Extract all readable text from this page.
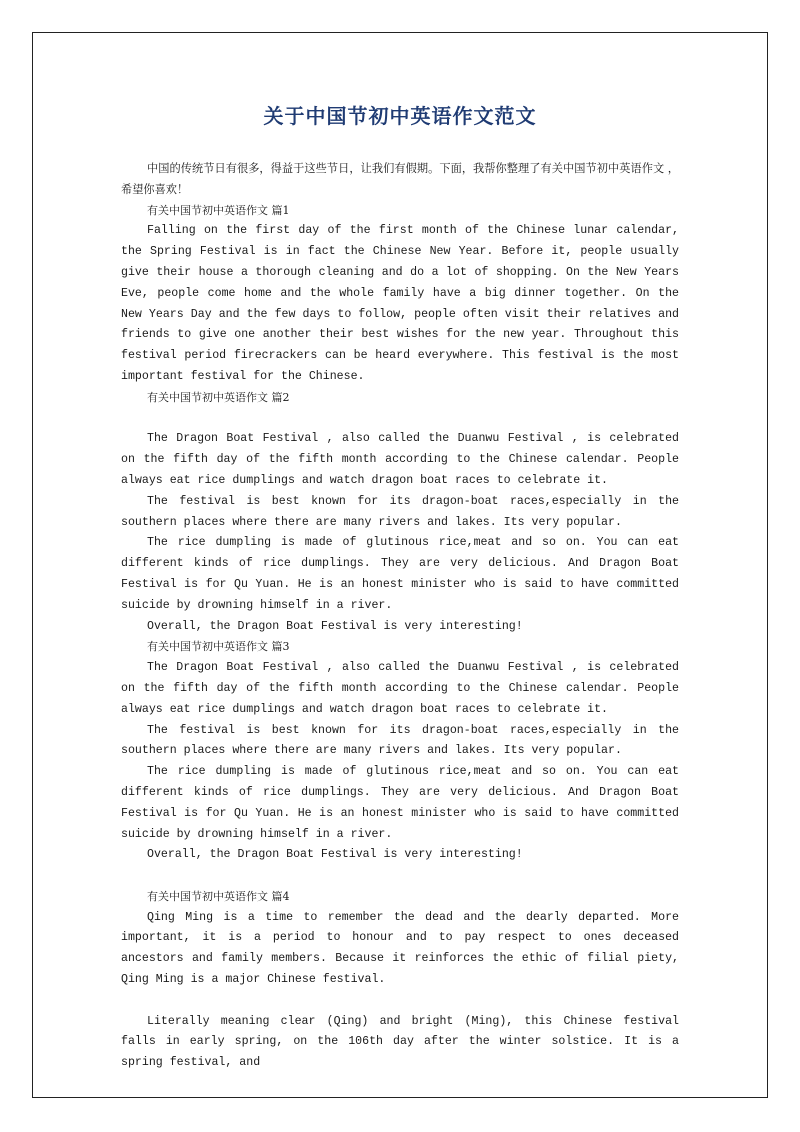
关于中国节初中英语作文范文

中国的传统节日有很多，得益于这些节日，让我们有假期。下面，我帮你整理了有关中国节初中英语作文 ，希望你喜欢！

有关中国节初中英语作文 篇1

Falling on the first day of the first month of the Chinese lunar calendar, the Spring Festival is in fact the Chinese New Year. Before it, people usually give their house a thorough cleaning and do a lot of shopping. On the New Years Eve, people come home and the whole family have a big dinner together. On the New Years Day and the few days to follow, people often visit their relatives and friends to give one another their best wishes for the new year. Throughout this festival period firecrackers can be heard everywhere. This festival is the most important festival for the Chinese.

有关中国节初中英语作文 篇2

The Dragon Boat Festival , also called the Duanwu Festival , is celebrated on the fifth day of the fifth month according to the Chinese calendar. People always eat rice dumplings and watch dragon boat races to celebrate it.

The festival is best known for its dragon-boat races,especially in the southern places where there are many rivers and lakes. Its very popular.

The rice dumpling is made of glutinous rice,meat and so on. You can eat different kinds of rice dumplings. They are very delicious. And Dragon Boat Festival is for Qu Yuan. He is an honest minister who is said to have committed suicide by drowning himself in a river.

Overall, the Dragon Boat Festival is very interesting!

有关中国节初中英语作文 篇3

The Dragon Boat Festival , also called the Duanwu Festival , is celebrated on the fifth day of the fifth month according to the Chinese calendar. People always eat rice dumplings and watch dragon boat races to celebrate it.

The festival is best known for its dragon-boat races,especially in the southern places where there are many rivers and lakes. Its very popular.

The rice dumpling is made of glutinous rice,meat and so on. You can eat different kinds of rice dumplings. They are very delicious. And Dragon Boat Festival is for Qu Yuan. He is an honest minister who is said to have committed suicide by drowning himself in a river.

Overall, the Dragon Boat Festival is very interesting!

有关中国节初中英语作文 篇4

Qing Ming is a time to remember the dead and the dearly departed. More important, it is a period to honour and to pay respect to ones deceased ancestors and family members. Because it reinforces the ethic of filial piety, Qing Ming is a major Chinese festival.

Literally meaning clear (Qing) and bright (Ming), this Chinese festival falls in early spring, on the 106th day after the winter solstice. It is a spring festival, and
